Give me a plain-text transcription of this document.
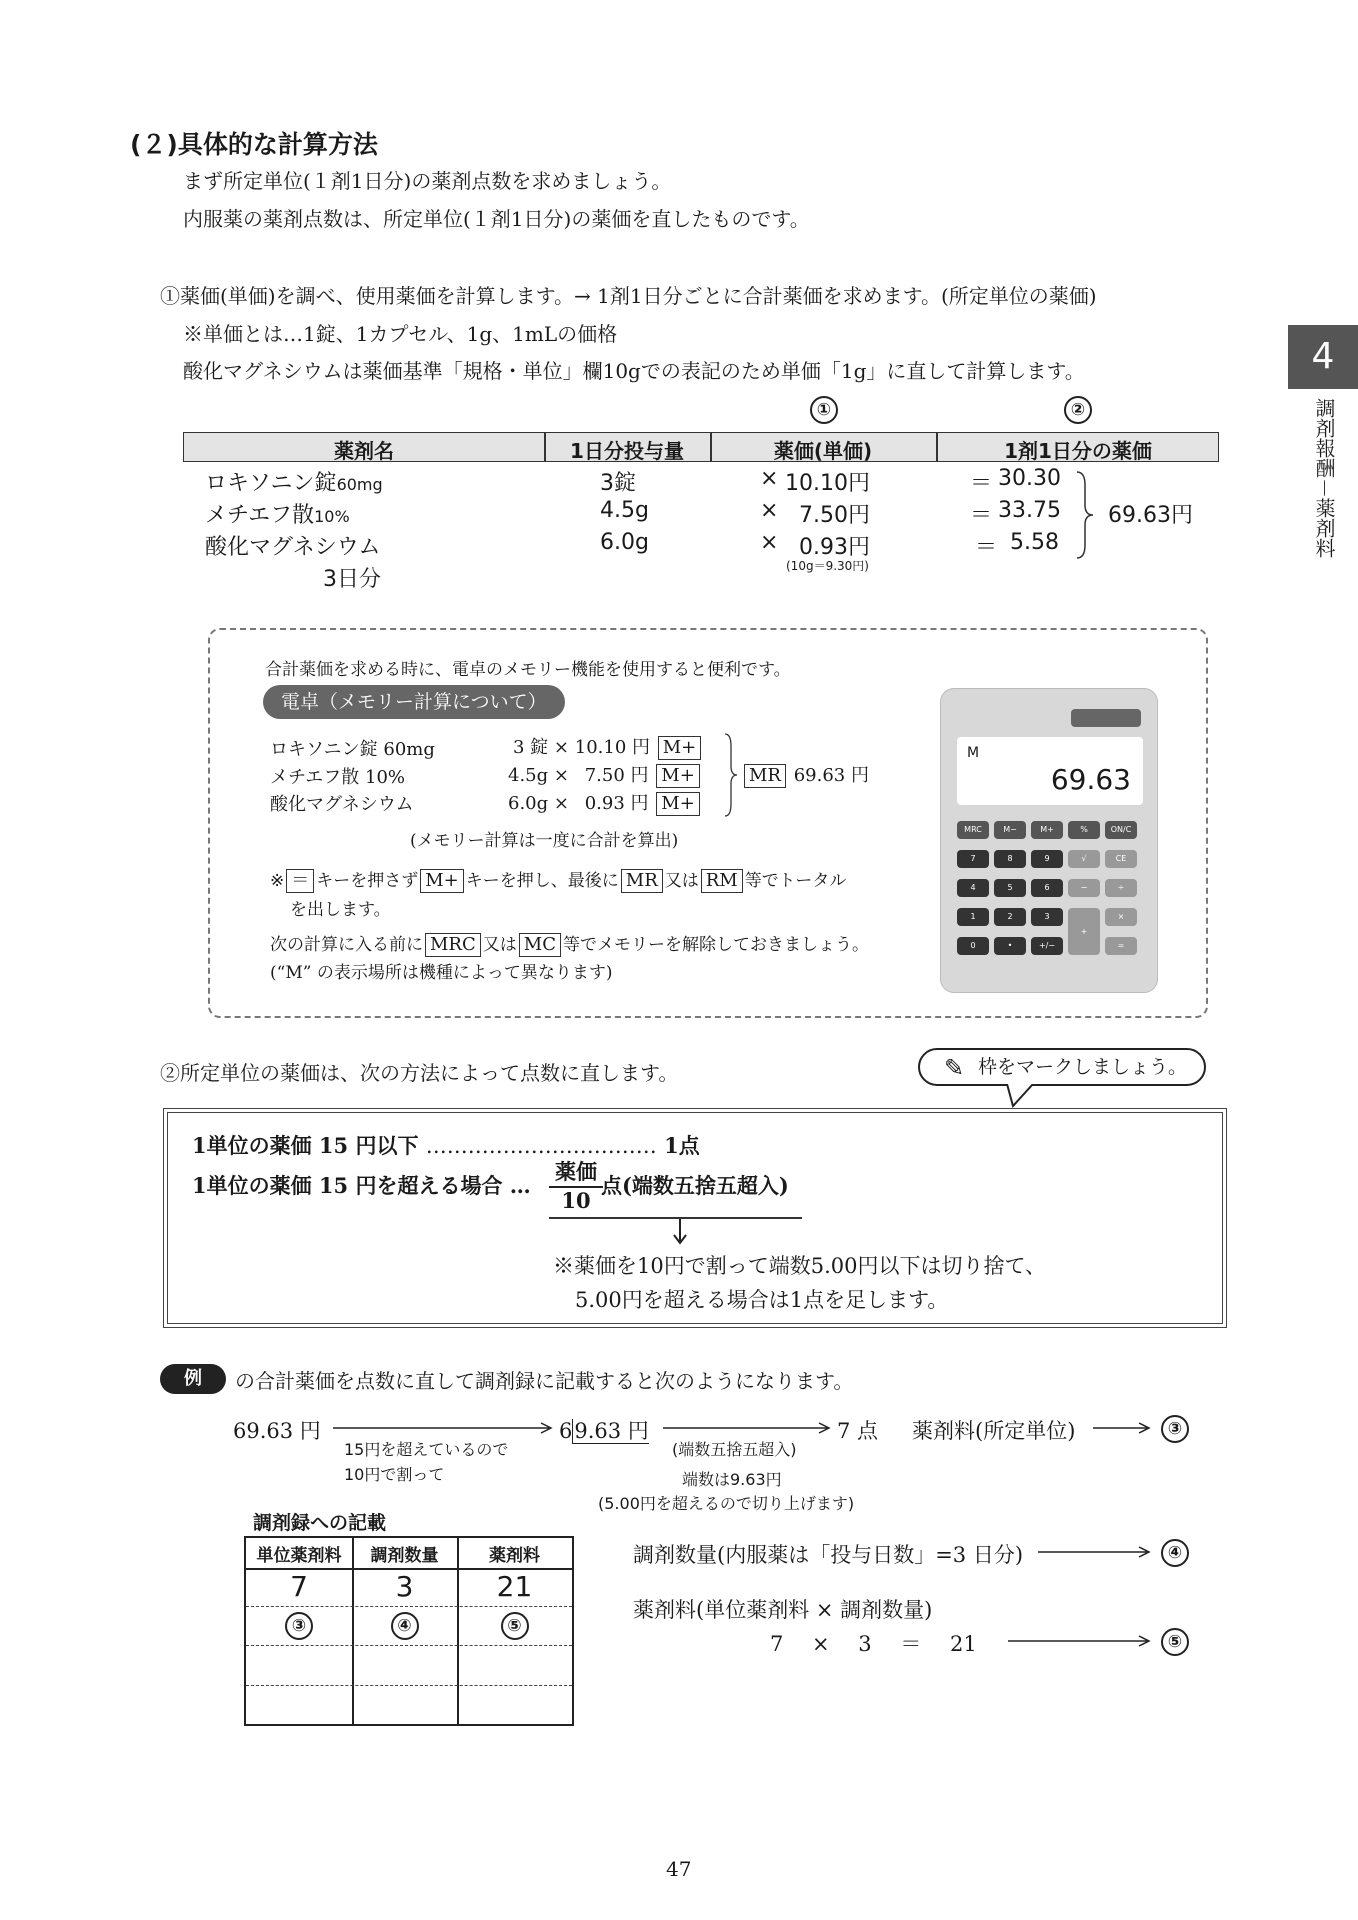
(２)具体的な計算方法
まず所定単位(１剤1日分)の薬剤点数を求めましょう。
内服薬の薬剤点数は、所定単位(１剤1日分)の薬価を直したものです。
4
調剤報酬－薬剤料
①薬価(単価)を調べ、使用薬価を計算します。→ 1剤1日分ごとに合計薬価を求めます。(所定単位の薬価)
※単価とは…1錠、1カプセル、1g、1mLの価格
酸化マグネシウムは薬価基準「規格・単位」欄10gでの表記のため単価「1g」に直して計算します。
①	②
薬剤名	1日分投与量	薬価(単価)	1剤1日分の薬価
ロキソニン錠60mg	3錠	× 10.10円	＝ 30.30
メチエフ散10%	4.5g	× 7.50円	＝ 33.75
酸化マグネシウム	6.0g	× 0.93円	＝ 5.58
(10g＝9.30円)
3日分
69.63円
合計薬価を求める時に、電卓のメモリー機能を使用すると便利です。
電卓（メモリー計算について）
ロキソニン錠 60mg	3 錠 × 10.10 円 M+
メチエフ散 10%	4.5g × 7.50 円 M+
酸化マグネシウム	6.0g × 0.93 円 M+
MR 69.63 円
(メモリー計算は一度に合計を算出)
※ ＝ キーを押さず M+ キーを押し、最後に MR 又は RM 等でトータル
を出します。
次の計算に入る前に MRC 又は MC 等でメモリーを解除しておきましょう。
(“M” の表示場所は機種によって異なります)
M
69.63
MRC	M−	M+	%	ON/C
7	8	9	√	CE
4	5	6	−	÷
1	2	3
+
×
0	•	+/−	=
②所定単位の薬価は、次の方法によって点数に直します。	✎ 枠をマークしましょう。
1単位の薬価 15 円以下 …………………………… 1点
1単位の薬価 15 円を超える場合 …
薬価
10
点(端数五捨五超入)
※薬価を10円で割って端数5.00円以下は切り捨て、
5.00円を超える場合は1点を足します。
例	の合計薬価を点数に直して調剤録に記載すると次のようになります。
69.63 円
15円を超えているので
10円で割って
69.63 円
(端数五捨五超入)
端数は9.63円
(5.00円を超えるので切り上げます)
7 点 薬剤料(所定単位)	③
調剤録への記載
単位薬剤料	調剤数量	薬剤料
7	3	21
③	④	⑤
調剤数量(内服薬は「投与日数」=3 日分)	④
薬剤料(単位薬剤料 × 調剤数量)
7 × 3 ＝ 21	⑤
47
